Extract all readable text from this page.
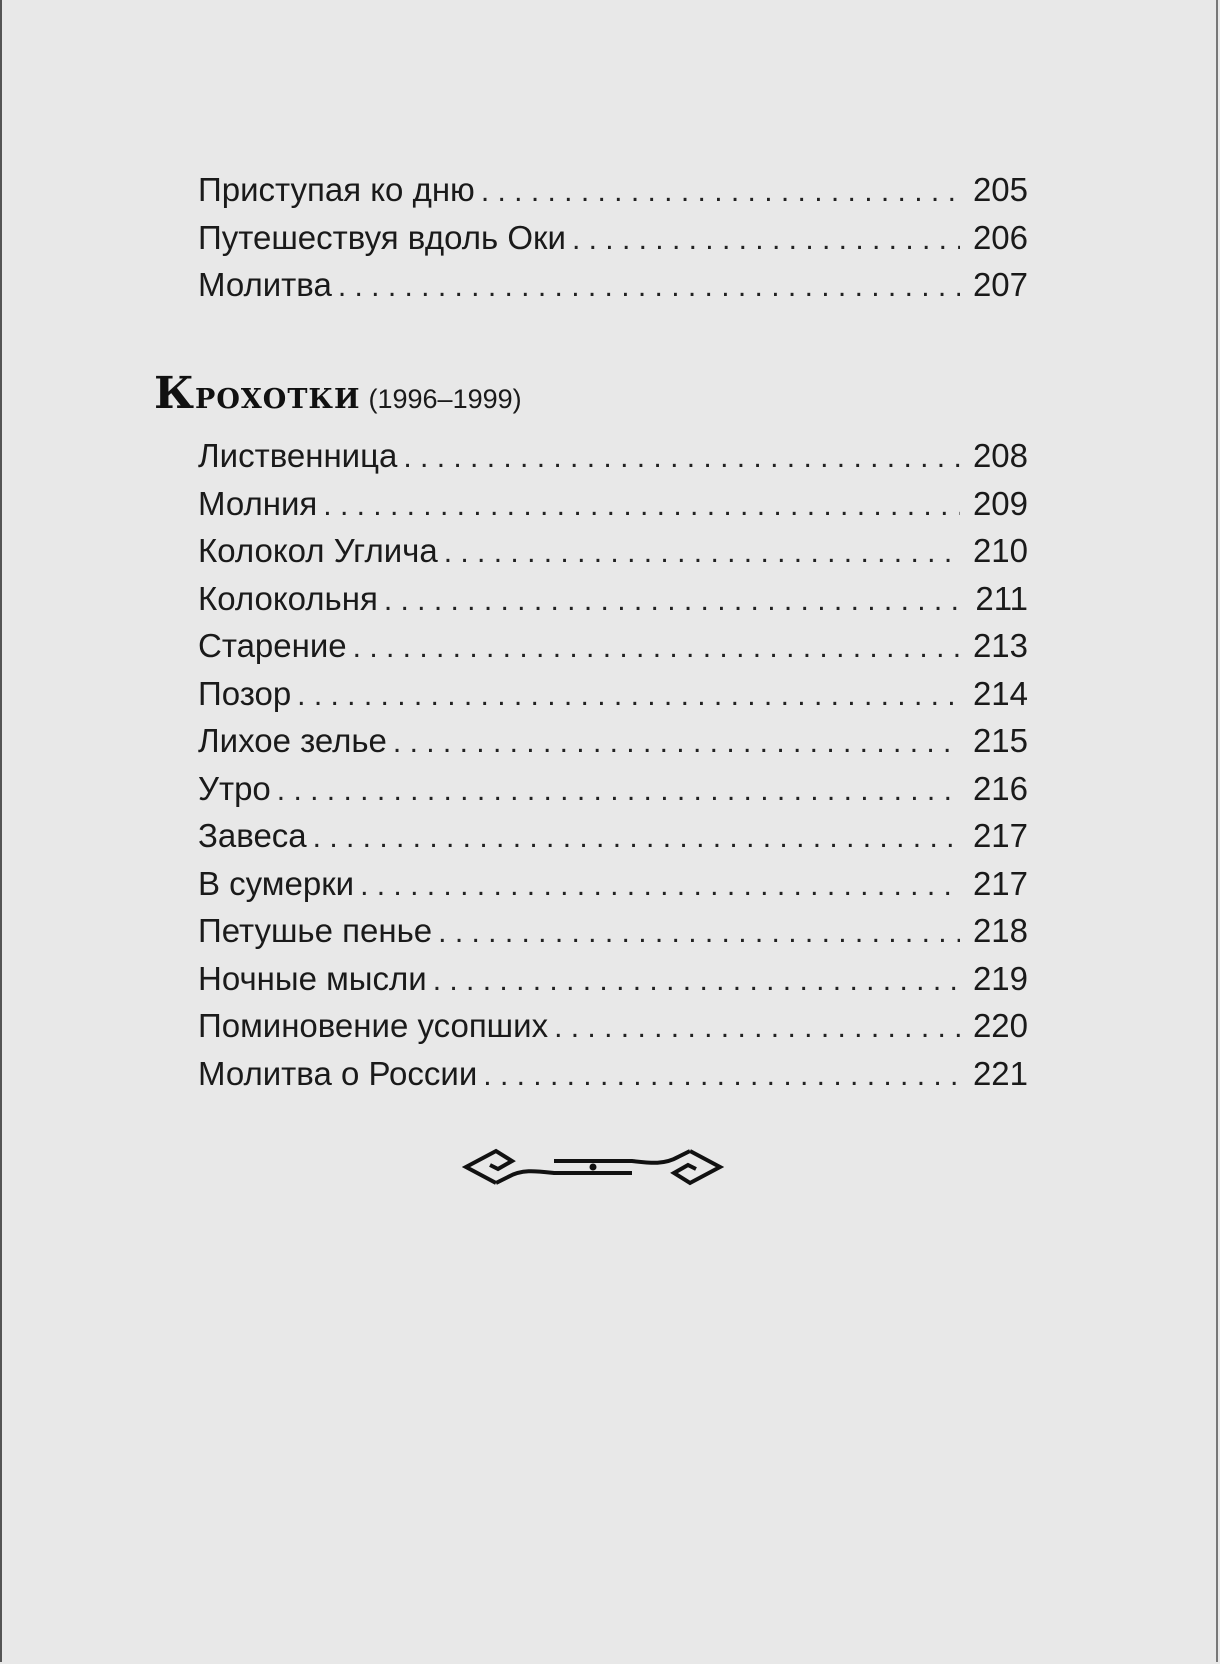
Приступая ко дню . . .	205
Путешествуя вдоль Оки . . .	206
Молитва . . .	207
КРОХОТКИ (1996–1999)
Лиственница . . .	208
Молния . . .	209
Колокол Углича . . .	210
Колокольня . . .	211
Старение . . .	213
Позор . . .	214
Лихое зелье . . .	215
Утро . . .	216
Завеса . . .	217
В сумерки . . .	217
Петушье пенье . . .	218
Ночные мысли . . .	219
Поминовение усопших . . .	220
Молитва о России . . .	221
